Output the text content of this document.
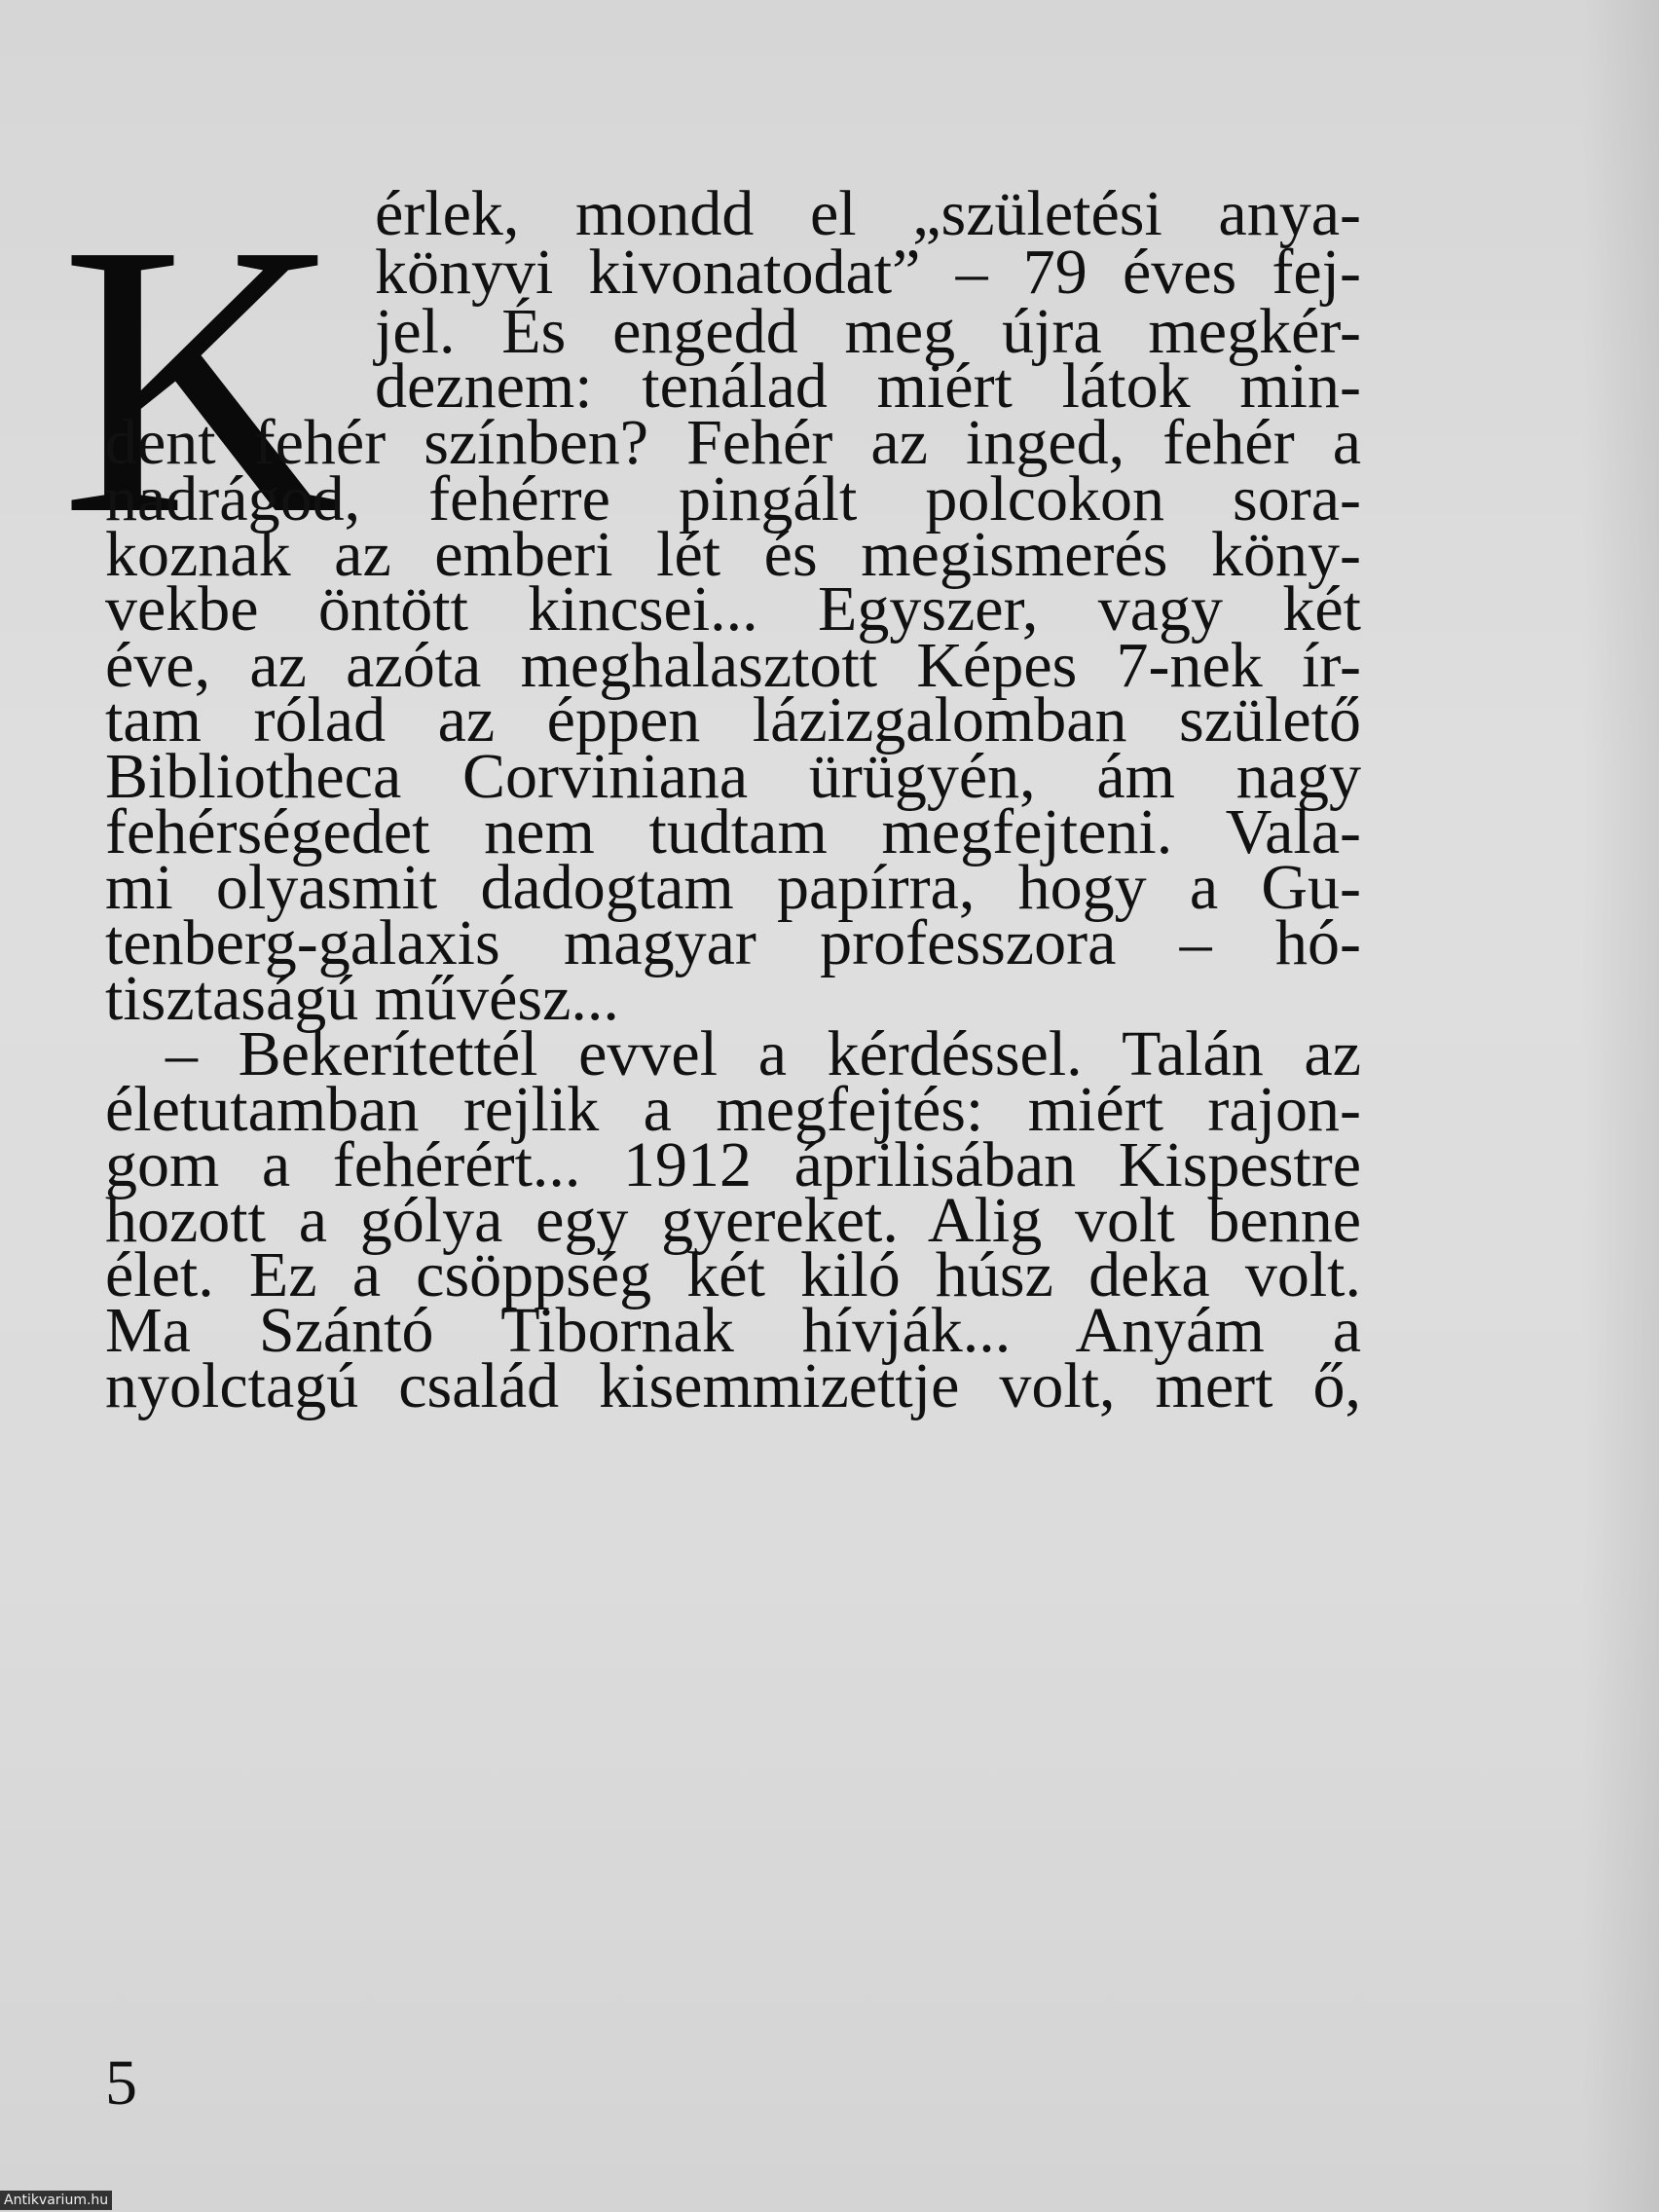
K érlek, mondd el „születési anya-
könyvi kivonatodat” – 79 éves fej-
jel. És engedd meg újra megkér-
deznem: tenálad miért látok min-
dent fehér színben? Fehér az inged, fehér a
nadrágod, fehérre pingált polcokon sora-
koznak az emberi lét és megismerés köny-
vekbe öntött kincsei... Egyszer, vagy két
éve, az azóta meghalasztott Képes 7-nek ír-
tam rólad az éppen lázizgalomban születő
Bibliotheca Corviniana ürügyén, ám nagy
fehérségedet nem tudtam megfejteni. Vala-
mi olyasmit dadogtam papírra, hogy a Gu-
tenberg-galaxis magyar professzora – hó-
tisztaságú művész...
– Bekerítettél evvel a kérdéssel. Talán az
életutamban rejlik a megfejtés: miért rajon-
gom a fehérért... 1912 áprilisában Kispestre
hozott a gólya egy gyereket. Alig volt benne
élet. Ez a csöppség két kiló húsz deka volt.
Ma Szántó Tibornak hívják... Anyám a
nyolctagú család kisemmizettje volt, mert ő,
5
Antikvarium.hu
